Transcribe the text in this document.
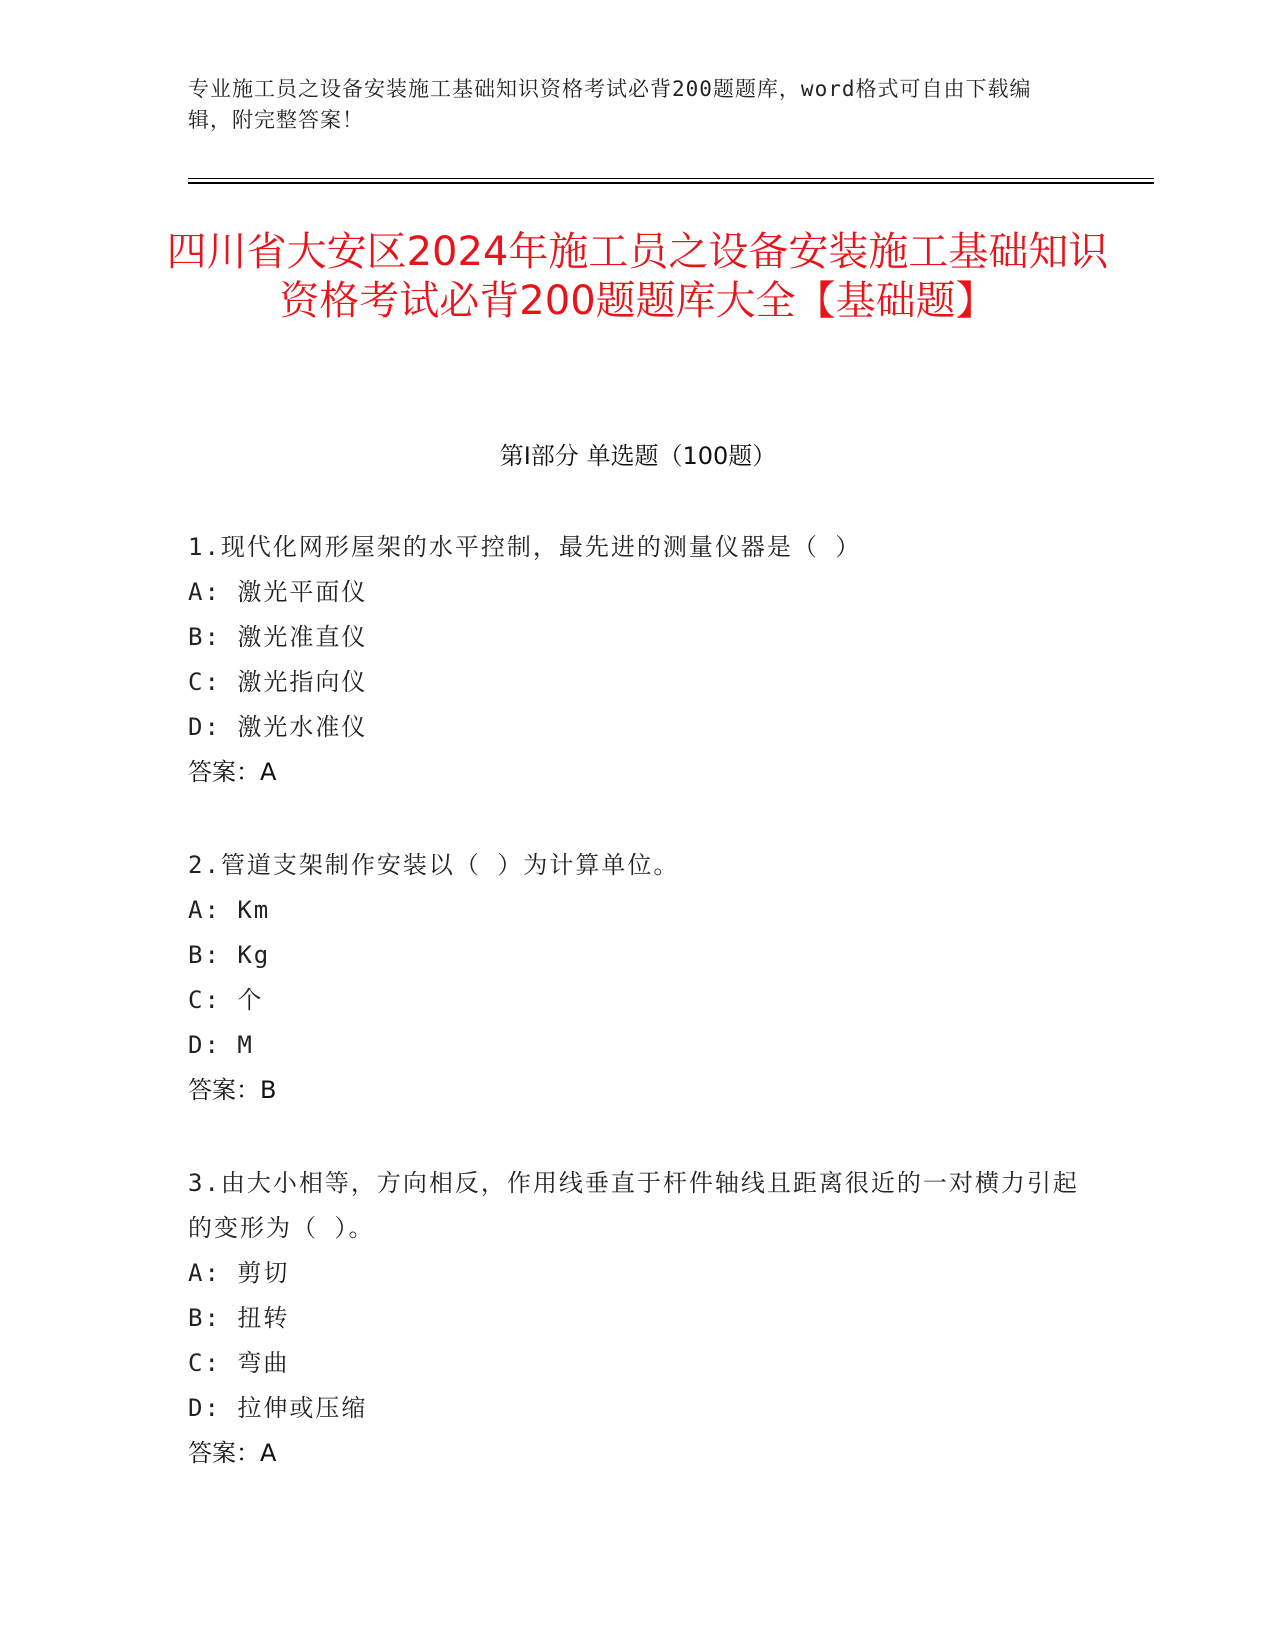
专业施工员之设备安装施工基础知识资格考试必背200题题库，word格式可自由下载编辑，附完整答案！

四川省大安区2024年施工员之设备安装施工基础知识资格考试必背200题题库大全【基础题】
第I部分 单选题（100题）

1.现代化网形屋架的水平控制，最先进的测量仪器是（ ）

A: 激光平面仪

B: 激光准直仪

C: 激光指向仪

D: 激光水准仪

答案：A

2.管道支架制作安装以（ ）为计算单位。

A: Km

B: Kg

C: 个

D: M

答案：B

3.由大小相等，方向相反，作用线垂直于杆件轴线且距离很近的一对横力引起的变形为（ ）。

A: 剪切

B: 扭转

C: 弯曲

D: 拉伸或压缩

答案：A
